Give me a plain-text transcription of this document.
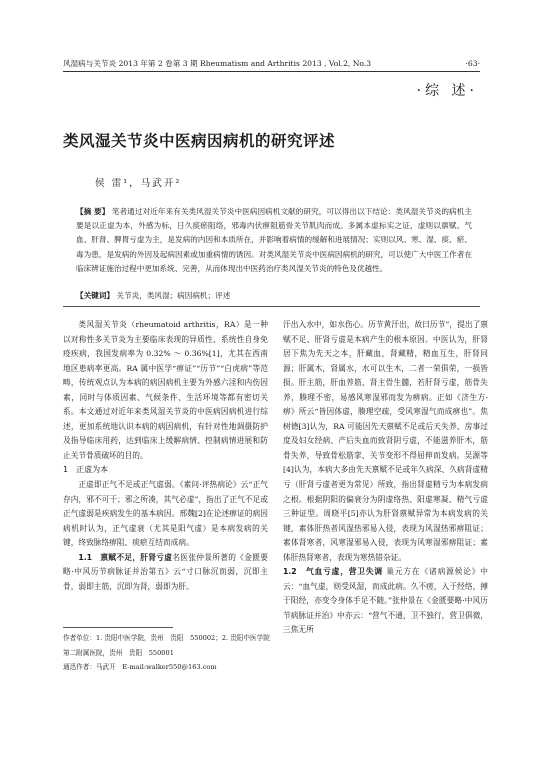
风湿病与关节炎 2013 年第 2 卷第 3 期 Rheumatism and Arthritis 2013 , Vol.2, No.3	·63·
·综 述·
类风湿关节炎中医病因病机的研究评述
侯 雷¹，马武开²
【摘 要】 笔者通过对近年来有关类风湿关节炎中医病因病机文献的研究，可以得出以下结论：类风湿关节炎的病机主要是以正虚为本，外感为标，日久痰瘀阻络，邪毒内伏痹阻筋骨关节肌肉而成。多属本虚标实之证，虚则以禀赋、气血、肝肾、脾胃亏虚为主，是发病的内因和本质所在，并影响着病情的缓解和进展情况；实则以风、寒、湿、痰、瘀、毒为患，是发病的外因及起病因素或加重病情的诱因。对类风湿关节炎中医病因病机的研究，可以使广大中医工作者在临床辨证施治过程中更加系统、完善，从而体现出中医药治疗类风湿关节炎的特色及优越性。
【关键词】 关节炎，类风湿；病因病机；评述

类风湿关节炎（rheumatoid arthritis，RA）是一种以对称性多关节炎为主要临床表现的异质性、系统性自身免疫疾病，我国发病率为 0.32% ～ 0.36%[1]，尤其在西南地区患病率更高。RA 属中医学“痹证”“历节”“白虎病”等范畴，传统观点认为本病的病因病机主要为外感六淫和内伤因素，同时与体质因素、气候条件、生活环境等都有密切关系。本文通过对近年来类风湿关节炎的中医病因病机进行综述，更加系统地认识本病的病因病机，有针对性地调摄防护及指导临床用药，达到临床上缓解病情、控制病情进展和防止关节骨质破坏的目的。

1　正虚为本

正虚即正气不足或正气虚弱。《素问·评热病论》云“正气存内，邪不可干；邪之所凑，其气必虚”，指出了正气不足或正气虚弱是疾病发生的基本病因。邢魏[2]在论述痹证的病因病机时认为，正气虚衰（尤其是阳气虚）是本病发病的关键，终致脉络痹阻、痰瘀互结而成病。

1.1　禀赋不足，肝肾亏虚名医张仲景所著的《金匮要略·中风历节病脉证并治第五》云“寸口脉沉而弱，沉即主骨，弱即主筋，沉即为肾，弱即为肝。

作者单位：1. 贵阳中医学院，贵州　贵阳　550002；2. 贵阳中医学院第二附属医院，贵州　贵阳　550001
通迅作者：马武开　E-mail:walker550@163.com

汗出入水中，如水伤心。历节黄汗出，故曰历节”，提出了禀赋不足、肝肾亏虚是本病产生的根本原因。中医认为，肝肾居下焦为先天之本，肝藏血，肾藏精，精血互生，肝肾同源；肝属木，肾属水，水可以生木，二者一荣俱荣，一损皆损。肝主筋，肝血养筋，肾主骨生髓，若肝肾亏虚，筋骨失养，腠理不密，易感风寒湿邪而发为痹病。正如《济生方·痹》所云“皆因体虚，腠理空疏，受风寒湿气而成痹也”。焦树德[3]认为，RA 可能因先天禀赋不足或后天失养、房事过度及妇女经病、产后失血而致肾阴亏虚，不能滋养肝木，筋骨失养，导致骨松筋挛、关节变形不得屈伸而发病。吴源等[4]认为，本病大多由先天禀赋不足或年久病深、久病肾虚精亏（肝肾亏虚者更为常见）所致，指出肾虚精亏为本病发病之根。根据阴阳的偏衰分为阴虚络热、阳虚寒凝、精气亏虚三种证型。周晓平[5]亦认为肝肾禀赋异常为本病发病的关键，素体肝热者风湿热邪易入侵，表现为风湿热邪痹阻证；素体肾寒者，风寒湿邪易入侵，表现为风寒湿邪痹阻证；素体肝热肾寒者，表现为寒热错杂证。

1.2　气血亏虚，营卫失调 巢元方在《诸病源候论》中云：“血气虚，则受风湿，而成此病。久不瘥，入于经络，搏于阳经，亦变令身体手足不随。”张仲景在《金匮要略·中风历节病脉证并治》中亦云：“营气不通，卫不独行，营卫俱微，三焦无所
